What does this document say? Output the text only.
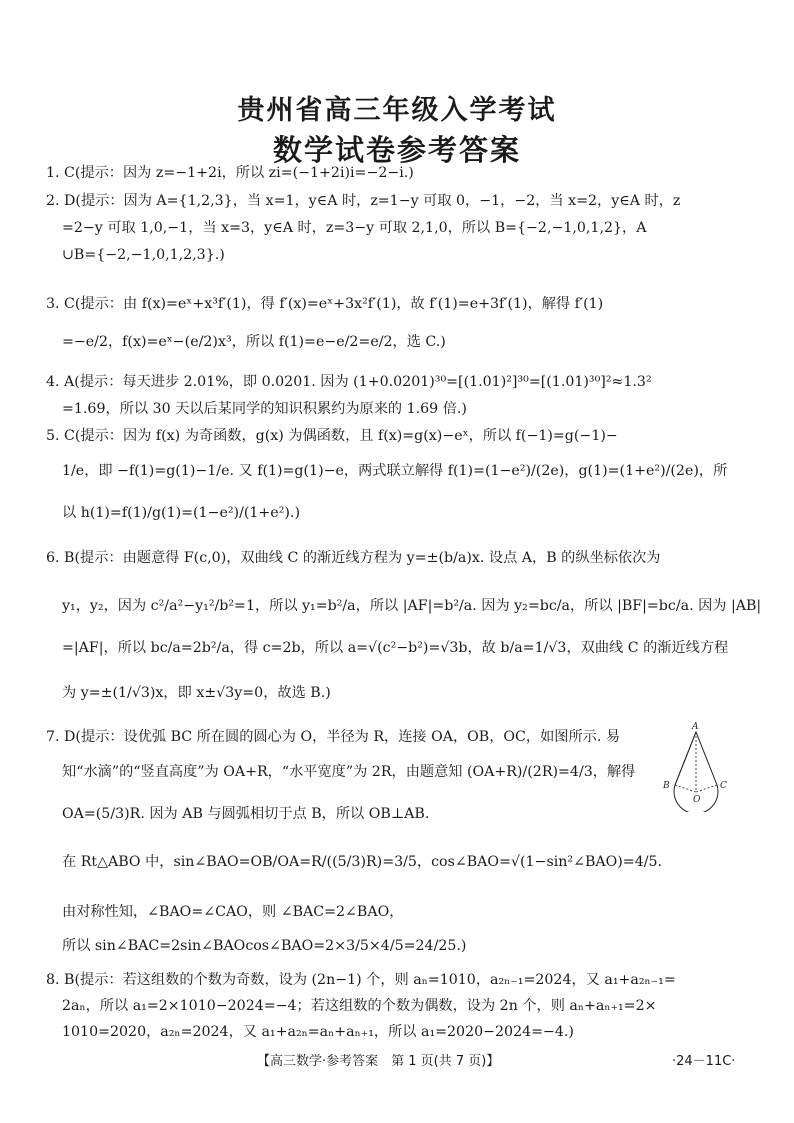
贵州省高三年级入学考试
数学试卷参考答案
1. C(提示：因为 z=−1+2i，所以 zi=(−1+2i)i=−2−i.)
2. D(提示：因为 A={1,2,3}，当 x=1，y∈A 时，z=1−y 可取 0，−1，−2，当 x=2，y∈A 时，z
=2−y 可取 1,0,−1，当 x=3，y∈A 时，z=3−y 可取 2,1,0，所以 B={−2,−1,0,1,2}，A
∪B={−2,−1,0,1,2,3}.)
3. C(提示：由 f(x)=eˣ+x³f′(1)，得 f′(x)=eˣ+3x²f′(1)，故 f′(1)=e+3f′(1)，解得 f′(1)
=−e/2，f(x)=eˣ−(e/2)x³，所以 f(1)=e−e/2=e/2，选 C.)
4. A(提示：每天进步 2.01%，即 0.0201. 因为 (1+0.0201)³⁰=[(1.01)²]³⁰=[(1.01)³⁰]²≈1.3²
=1.69，所以 30 天以后某同学的知识积累约为原来的 1.69 倍.)
5. C(提示：因为 f(x) 为奇函数，g(x) 为偶函数，且 f(x)=g(x)−eˣ，所以 f(−1)=g(−1)−
1/e，即 −f(1)=g(1)−1/e. 又 f(1)=g(1)−e，两式联立解得 f(1)=(1−e²)/(2e)，g(1)=(1+e²)/(2e)，所
以 h(1)=f(1)/g(1)=(1−e²)/(1+e²).)
6. B(提示：由题意得 F(c,0)，双曲线 C 的渐近线方程为 y=±(b/a)x. 设点 A，B 的纵坐标依次为
y₁，y₂，因为 c²/a²−y₁²/b²=1，所以 y₁=b²/a，所以 |AF|=b²/a. 因为 y₂=bc/a，所以 |BF|=bc/a. 因为 |AB|
=|AF|，所以 bc/a=2b²/a，得 c=2b，所以 a=√(c²−b²)=√3b，故 b/a=1/√3，双曲线 C 的渐近线方程
为 y=±(1/√3)x，即 x±√3y=0，故选 B.)
7. D(提示：设优弧 BC 所在圆的圆心为 O，半径为 R，连接 OA，OB，OC，如图所示. 易
知“水滴”的“竖直高度”为 OA+R，“水平宽度”为 2R，由题意知 (OA+R)/(2R)=4/3，解得
OA=(5/3)R. 因为 AB 与圆弧相切于点 B，所以 OB⊥AB.
在 Rt△ABO 中，sin∠BAO=OB/OA=R/((5/3)R)=3/5，cos∠BAO=√(1−sin²∠BAO)=4/5.
由对称性知，∠BAO=∠CAO，则 ∠BAC=2∠BAO，
所以 sin∠BAC=2sin∠BAOcos∠BAO=2×3/5×4/5=24/25.)
8. B(提示：若这组数的个数为奇数，设为 (2n−1) 个，则 aₙ=1010，a₂ₙ₋₁=2024，又 a₁+a₂ₙ₋₁=
2aₙ，所以 a₁=2×1010−2024=−4；若这组数的个数为偶数，设为 2n 个，则 aₙ+aₙ₊₁=2×
1010=2020，a₂ₙ=2024，又 a₁+a₂ₙ=aₙ+aₙ₊₁，所以 a₁=2020−2024=−4.)
A
B	C
O
【高三数学·参考答案　第 1 页(共 7 页)】	·24－11C·
